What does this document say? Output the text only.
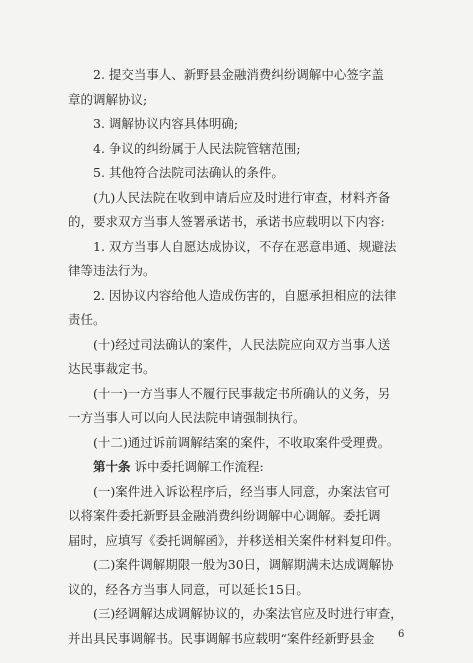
2. 提交当事人、新野县金融消费纠纷调解中心签字盖

章的调解协议;

3. 调解协议内容具体明确;

4. 争议的纠纷属于人民法院管辖范围;

5. 其他符合法院司法确认的条件。

(九)人民法院在收到申请后应及时进行审查，材料齐备

的，要求双方当事人签署承诺书，承诺书应载明以下内容:

1. 双方当事人自愿达成协议，不存在恶意串通、规避法

律等违法行为。

2. 因协议内容给他人造成伤害的，自愿承担相应的法律

责任。

(十)经过司法确认的案件，人民法院应向双方当事人送

达民事裁定书。

(十一)一方当事人不履行民事裁定书所确认的义务，另

一方当事人可以向人民法院申请强制执行。

(十二)通过诉前调解结案的案件，不收取案件受理费。

第十条 诉中委托调解工作流程:

(一)案件进入诉讼程序后，经当事人同意，办案法官可

以将案件委托新野县金融消费纠纷调解中心调解。委托调

届时，应填写《委托调解函》，并移送相关案件材料复印件。

(二)案件调解期限一般为30日，调解期满未达成调解协

议的，经各方当事人同意，可以延长15日。

(三)经调解达成调解协议的，办案法官应及时进行审查，

并出具民事调解书。民事调解书应载明“案件经新野县金	6
